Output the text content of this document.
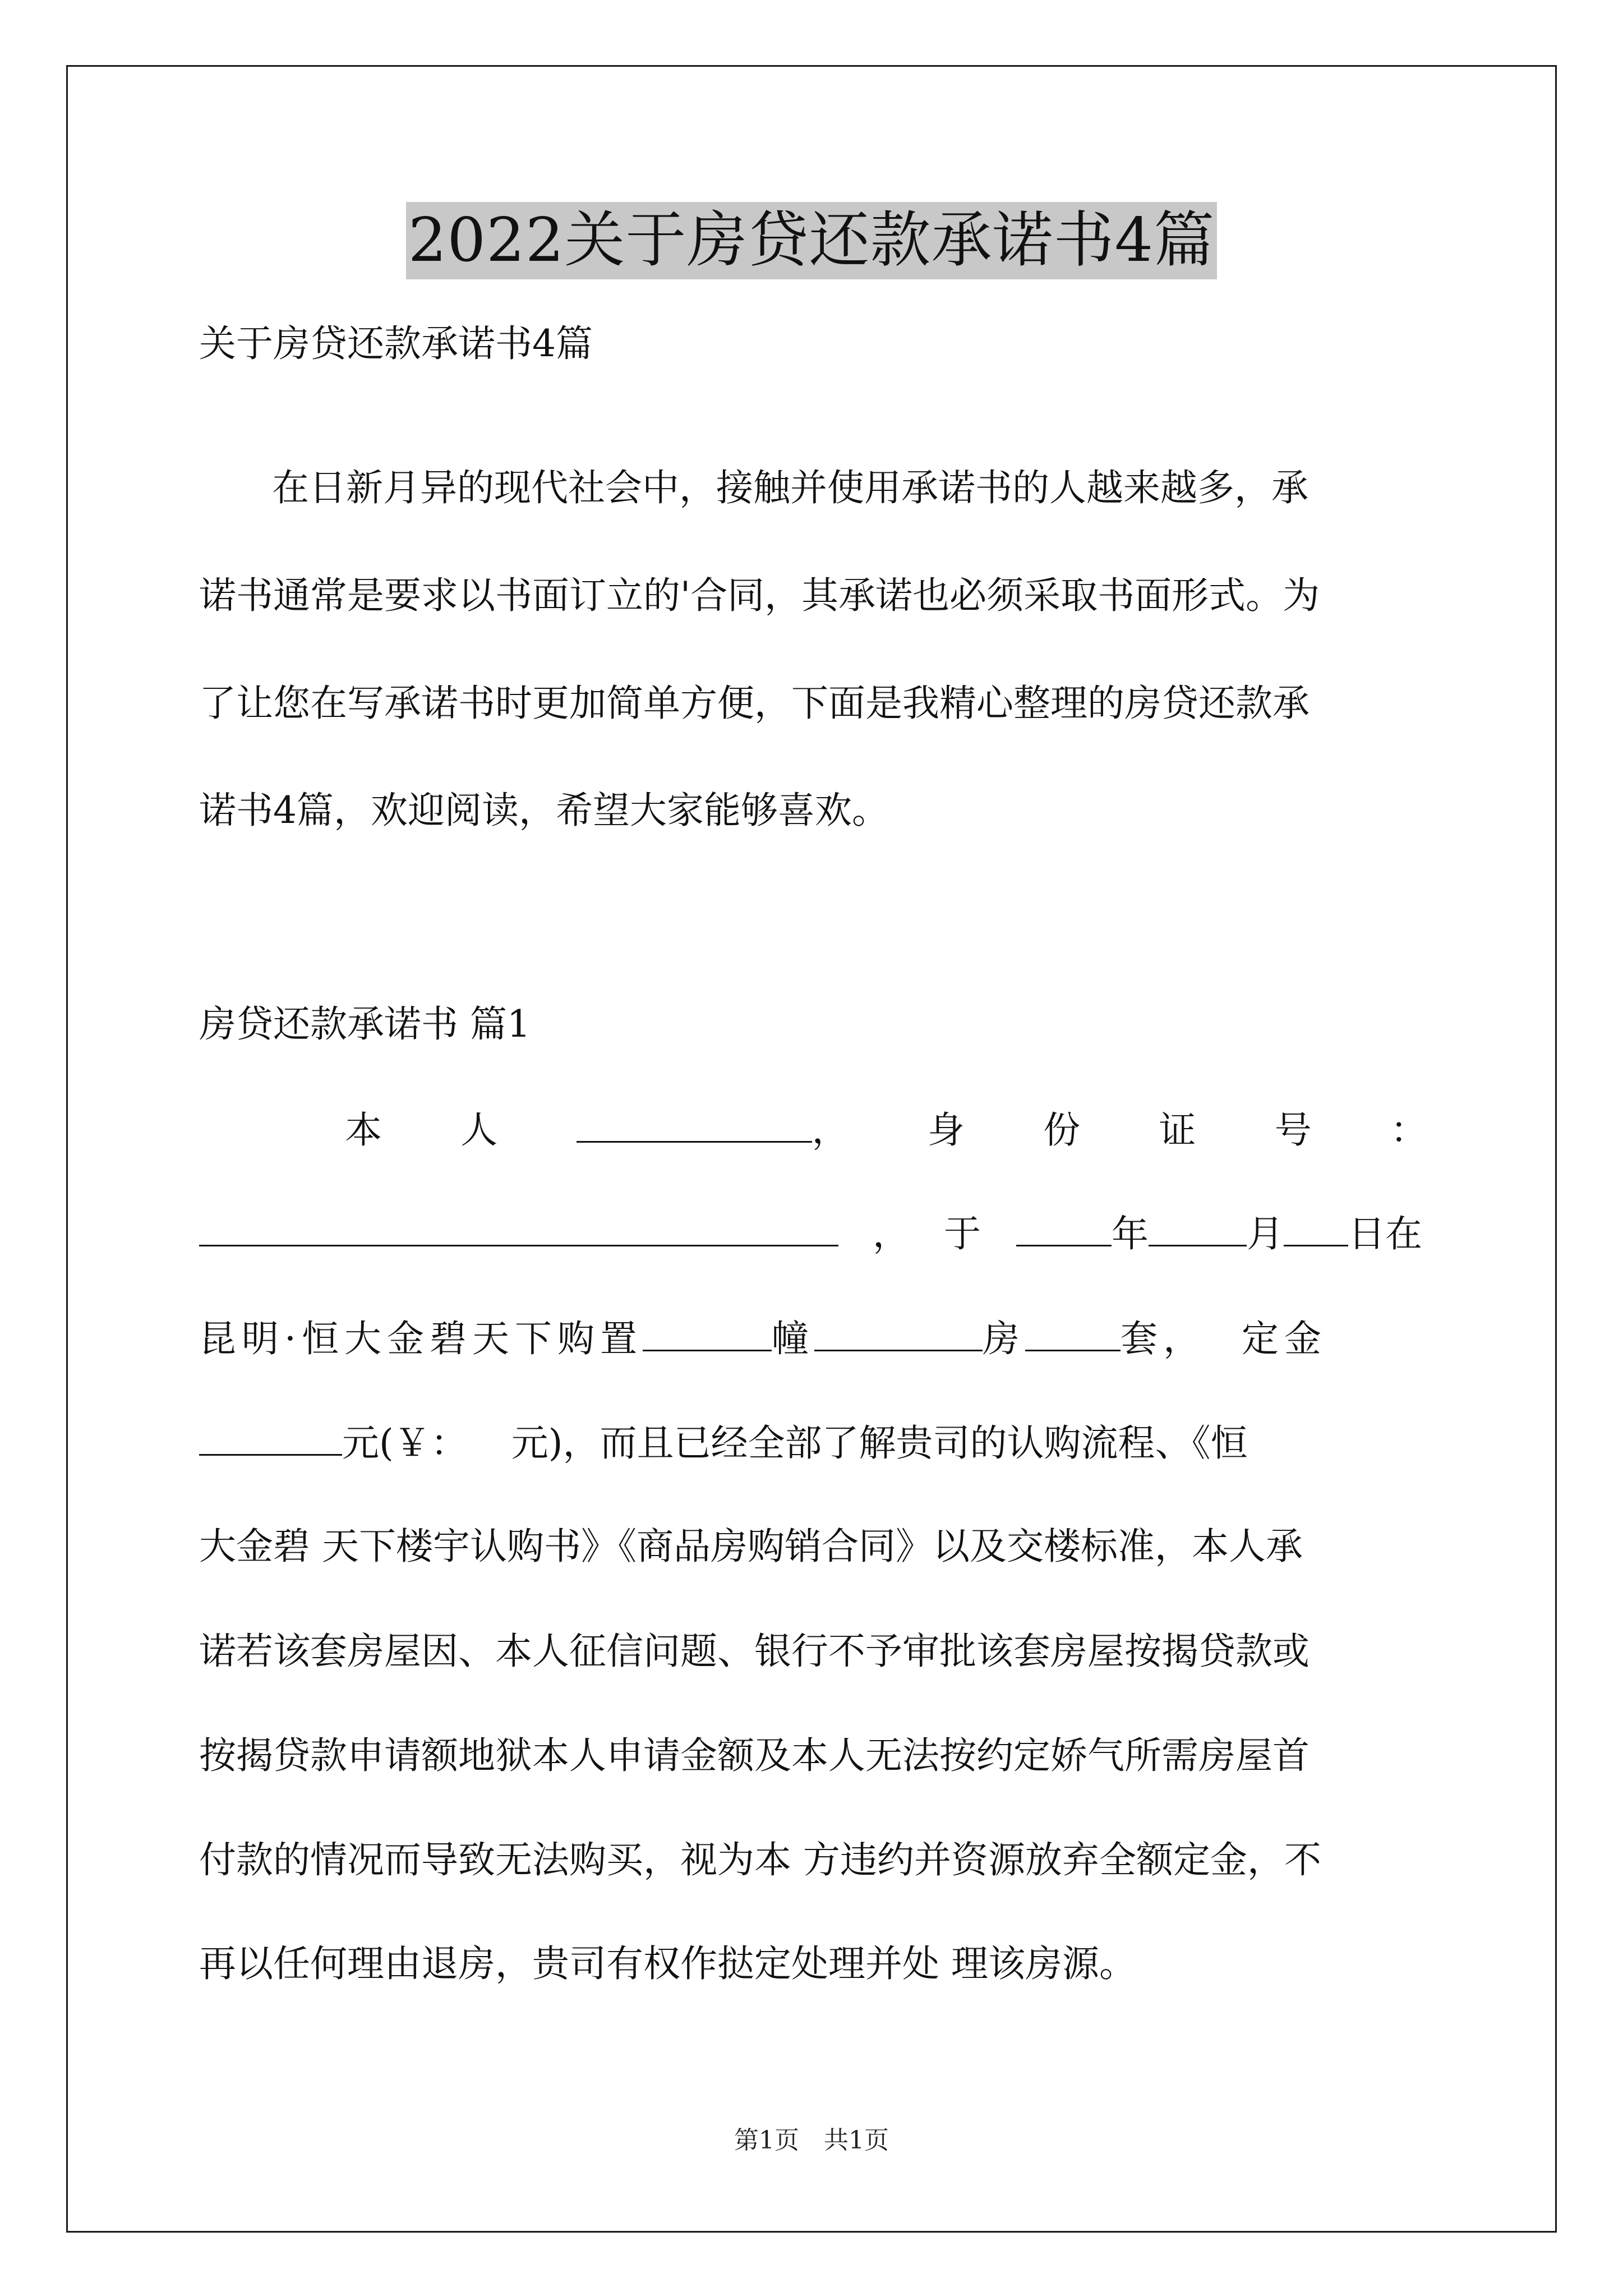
2022关于房贷还款承诺书4篇
关于房贷还款承诺书4篇
在日新月异的现代社会中，接触并使用承诺书的人越来越多，承
诺书通常是要求以书面订立的'合同，其承诺也必须采取书面形式。为
了让您在写承诺书时更加简单方便，下面是我精心整理的房贷还款承
诺书4篇，欢迎阅读，希望大家能够喜欢。
房贷还款承诺书 篇1
本 人	， 身 份 证 号 ：
， 于	年	月 日在
昆明·恒大金碧天下购置	幢	房	套， 定金
元(￥： 元)，而且已经全部了解贵司的认购流程、《恒
大金碧 天下楼宇认购书》《商品房购销合同》以及交楼标准，本人承
诺若该套房屋因、本人征信问题、银行不予审批该套房屋按揭贷款或
按揭贷款申请额地狱本人申请金额及本人无法按约定娇气所需房屋首
付款的情况而导致无法购买，视为本 方违约并资源放弃全额定金，不
再以任何理由退房，贵司有权作挞定处理并处 理该房源。
第1页　共1页
